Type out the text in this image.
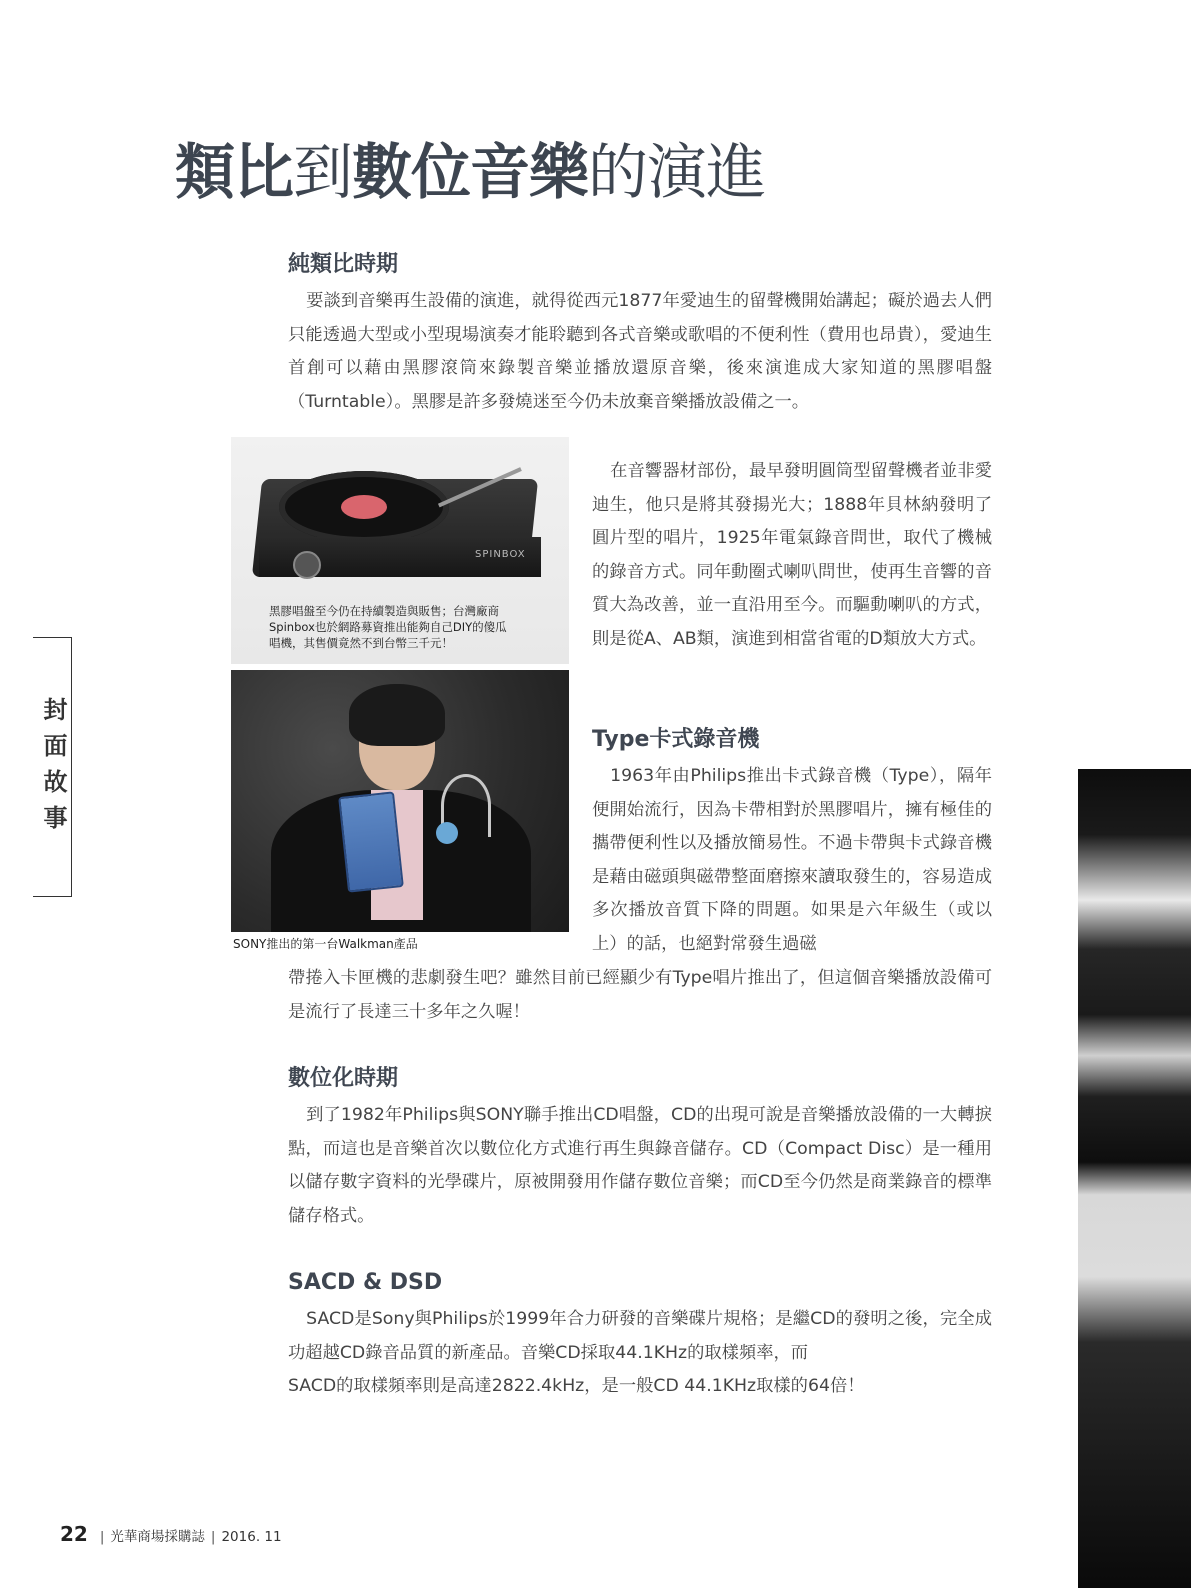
類比到數位音樂的演進
純類比時期

要談到音樂再生設備的演進，就得從西元1877年愛迪生的留聲機開始講起；礙於過去人們只能透過大型或小型現場演奏才能聆聽到各式音樂或歌唱的不便利性（費用也昂貴），愛迪生首創可以藉由黑膠滾筒來錄製音樂並播放還原音樂，後來演進成大家知道的黑膠唱盤（Turntable）。黑膠是許多發燒迷至今仍未放棄音樂播放設備之一。

SPINBOX

黑膠唱盤至今仍在持續製造與販售；台灣廠商

Spinbox也於網路募資推出能夠自己DIY的傻瓜

唱機，其售價竟然不到台幣三千元！

SONY推出的第一台Walkman產品

在音響器材部份，最早發明圓筒型留聲機者並非愛迪生，他只是將其發揚光大；1888年貝林納發明了圓片型的唱片，1925年電氣錄音問世，取代了機械的錄音方式。同年動圈式喇叭問世，使再生音響的音質大為改善，並一直沿用至今。而驅動喇叭的方式，則是從A、AB類，演進到相當省電的D類放大方式。

Type卡式錄音機

1963年由Philips推出卡式錄音機（Type），隔年便開始流行，因為卡帶相對於黑膠唱片，擁有極佳的攜帶便利性以及播放簡易性。不過卡帶與卡式錄音機是藉由磁頭與磁帶整面磨擦來讀取發生的，容易造成多次播放音質下降的問題。如果是六年級生（或以上）的話，也絕對常發生過磁

帶捲入卡匣機的悲劇發生吧？雖然目前已經顯少有Type唱片推出了，但這個音樂播放設備可是流行了長達三十多年之久喔！

數位化時期

到了1982年Philips與SONY聯手推出CD唱盤，CD的出現可說是音樂播放設備的一大轉捩點，而這也是音樂首次以數位化方式進行再生與錄音儲存。CD（Compact Disc）是一種用以儲存數字資料的光學碟片，原被開發用作儲存數位音樂；而CD至今仍然是商業錄音的標準儲存格式。

SACD & DSD

SACD是Sony與Philips於1999年合力研發的音樂碟片規格；是繼CD的發明之後，完全成功超越CD錄音品質的新產品。音樂CD採取44.1KHz的取樣頻率，而

SACD的取樣頻率則是高達2822.4kHz，是一般CD 44.1KHz取樣的64倍！

封面故事

22 | 光華商場採購誌 | 2016. 11
